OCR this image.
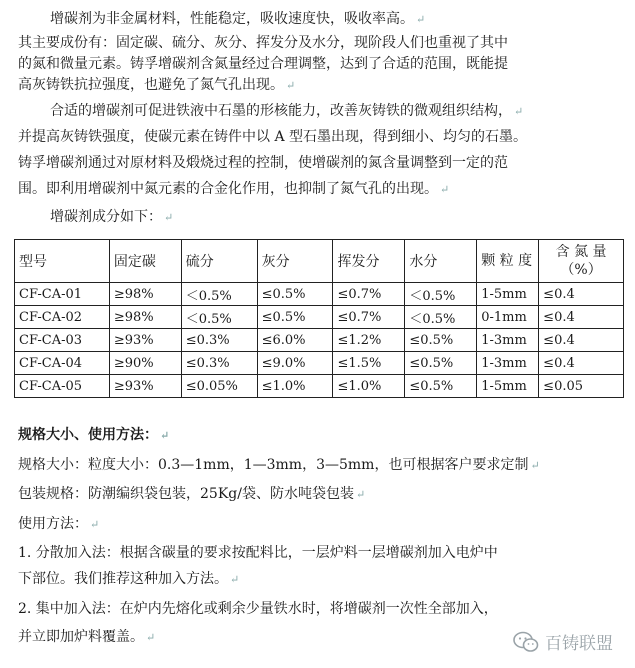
增碳剂为非金属材料，性能稳定，吸收速度快，吸收率高。 ↵
其主要成份有：固定碳、硫分、灰分、挥发分及水分，现阶段人们也重视了其中
的氮和微量元素。铸孚增碳剂含氮量经过合理调整，达到了合适的范围，既能提
高灰铸铁抗拉强度，也避免了氮气孔出现。 ↵
合适的增碳剂可促进铁液中石墨的形核能力，改善灰铸铁的微观组织结构， ↵
并提高灰铸铁强度，使碳元素在铸件中以 A 型石墨出现，得到细小、均匀的石墨。
铸孚增碳剂通过对原材料及煅烧过程的控制，使增碳剂的氮含量调整到一定的范
围。即利用增碳剂中氮元素的合金化作用，也抑制了氮气孔的出现。 ↵
增碳剂成分如下： ↵
型号	固定碳	硫分	灰分	挥发分	水分	颗 粒 度	含 氮 量（%）
CF-CA-01	≥98%	＜0.5%	≤0.5%	≤0.7%	＜0.5%	1-5mm	≤0.4
CF-CA-02	≥98%	＜0.5%	≤0.5%	≤0.7%	＜0.5%	0-1mm	≤0.4
CF-CA-03	≥93%	≤0.3%	≤6.0%	≤1.2%	≤0.5%	1-3mm	≤0.4
CF-CA-04	≥90%	≤0.3%	≤9.0%	≤1.5%	≤0.5%	1-3mm	≤0.4
CF-CA-05	≥93%	≤0.05%	≤1.0%	≤1.0%	≤0.5%	1-5mm	≤0.05
规格大小、使用方法： ↵
规格大小：粒度大小：0.3—1mm，1—3mm，3—5mm，也可根据客户要求定制 ↵
包装规格：防潮编织袋包装，25Kg/袋、防水吨袋包装 ↵
使用方法： ↵
1. 分散加入法：根据含碳量的要求按配料比，一层炉料一层增碳剂加入电炉中
下部位。我们推荐这种加入方法。 ↵
2. 集中加入法：在炉内先熔化或剩余少量铁水时，将增碳剂一次性全部加入，
并立即加炉料覆盖。 ↵	百铸联盟
